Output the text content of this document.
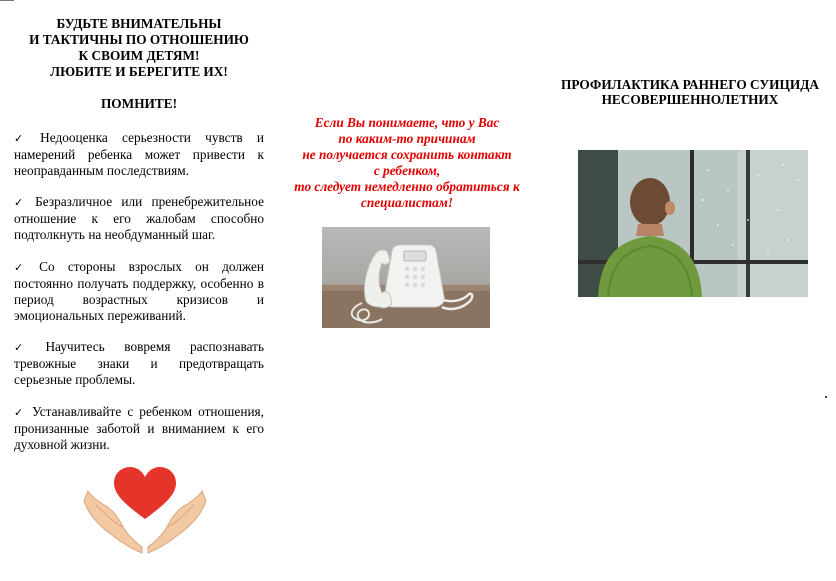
БУДЬТЕ ВНИМАТЕЛЬНЫ
И ТАКТИЧНЫ ПО ОТНОШЕНИЮ
К СВОИМ ДЕТЯМ!
ЛЮБИТЕ И БЕРЕГИТЕ ИХ!

ПОМНИТЕ!

✓ Недооценка серьезности чувств и намерений ребенка может привести к неоправданным последствиям.

✓ Безразличное или пренебрежительное отношение к его жалобам способно подтолкнуть на необдуманный шаг.

✓ Со стороны взрослых он должен постоянно получать поддержку, особенно в период возрастных кризисов и эмоциональных переживаний.

✓ Научитесь вовремя распознавать тревожные знаки и предотвращать серьезные проблемы.

✓ Устанавливайте с ребенком отношения, пронизанные заботой и вниманием к его духовной жизни.

Если Вы понимаете, что у Вас
по каким-то причинам
не получается сохранить контакт
с ребенком,
то следует немедленно обратиться к
специалистам!

ПРОФИЛАКТИКА РАННЕГО СУИЦИДА
НЕСОВЕРШЕННОЛЕТНИХ
